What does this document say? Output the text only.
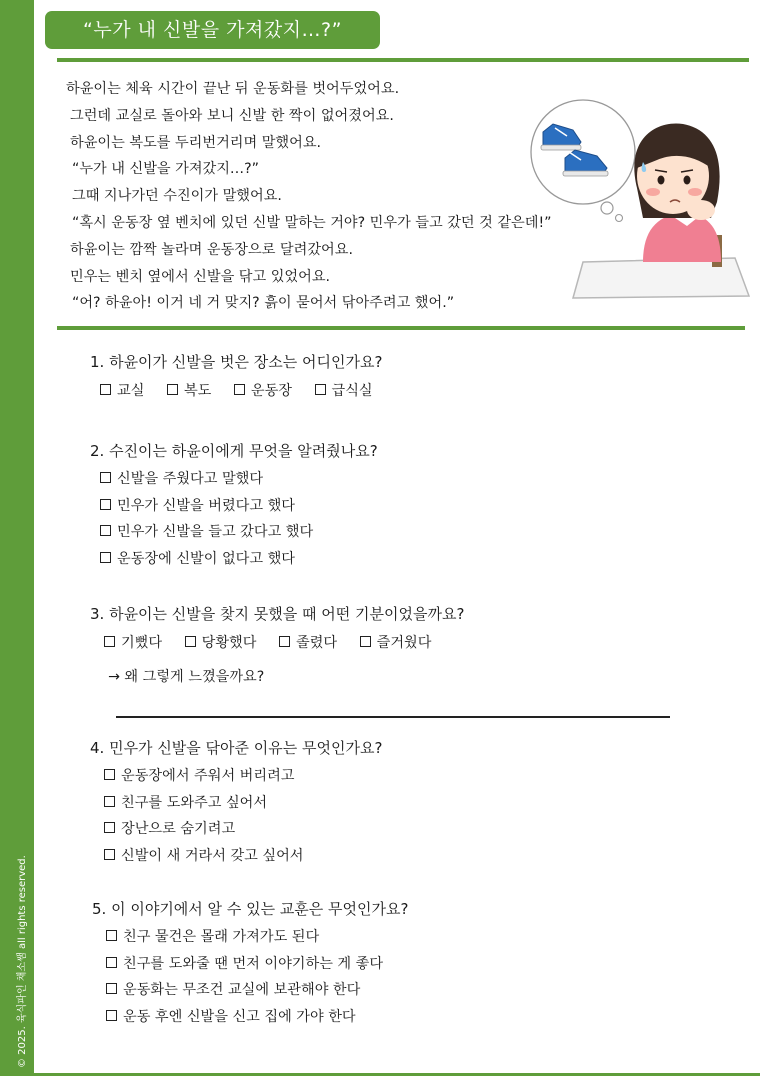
© 2025. 육식파인 채소쌤 all rights reserved.
“누가 내 신발을 가져갔지…?”

하윤이는 체육 시간이 끝난 뒤 운동화를 벗어두었어요.

그런데 교실로 돌아와 보니 신발 한 짝이 없어졌어요.

하윤이는 복도를 두리번거리며 말했어요.

“누가 내 신발을 가져갔지…?”

그때 지나가던 수진이가 말했어요.

“혹시 운동장 옆 벤치에 있던 신발 말하는 거야? 민우가 들고 갔던 것 같은데!”

하윤이는 깜짝 놀라며 운동장으로 달려갔어요.

민우는 벤치 옆에서 신발을 닦고 있었어요.

“어? 하윤아! 이거 네 거 맞지? 흙이 묻어서 닦아주려고 했어.”

1. 하윤이가 신발을 벗은 장소는 어디인가요?
교실	복도	운동장	급식실
2. 수진이는 하윤이에게 무엇을 알려줬나요?
신발을 주웠다고 말했다
민우가 신발을 버렸다고 했다
민우가 신발을 들고 갔다고 했다
운동장에 신발이 없다고 했다
3. 하윤이는 신발을 찾지 못했을 때 어떤 기분이었을까요?
기뻤다	당황했다	졸렸다	즐거웠다
→ 왜 그렇게 느꼈을까요?
4. 민우가 신발을 닦아준 이유는 무엇인가요?
운동장에서 주워서 버리려고
친구를 도와주고 싶어서
장난으로 숨기려고
신발이 새 거라서 갖고 싶어서
5. 이 이야기에서 알 수 있는 교훈은 무엇인가요?
친구 물건은 몰래 가져가도 된다
친구를 도와줄 땐 먼저 이야기하는 게 좋다
운동화는 무조건 교실에 보관해야 한다
운동 후엔 신발을 신고 집에 가야 한다
